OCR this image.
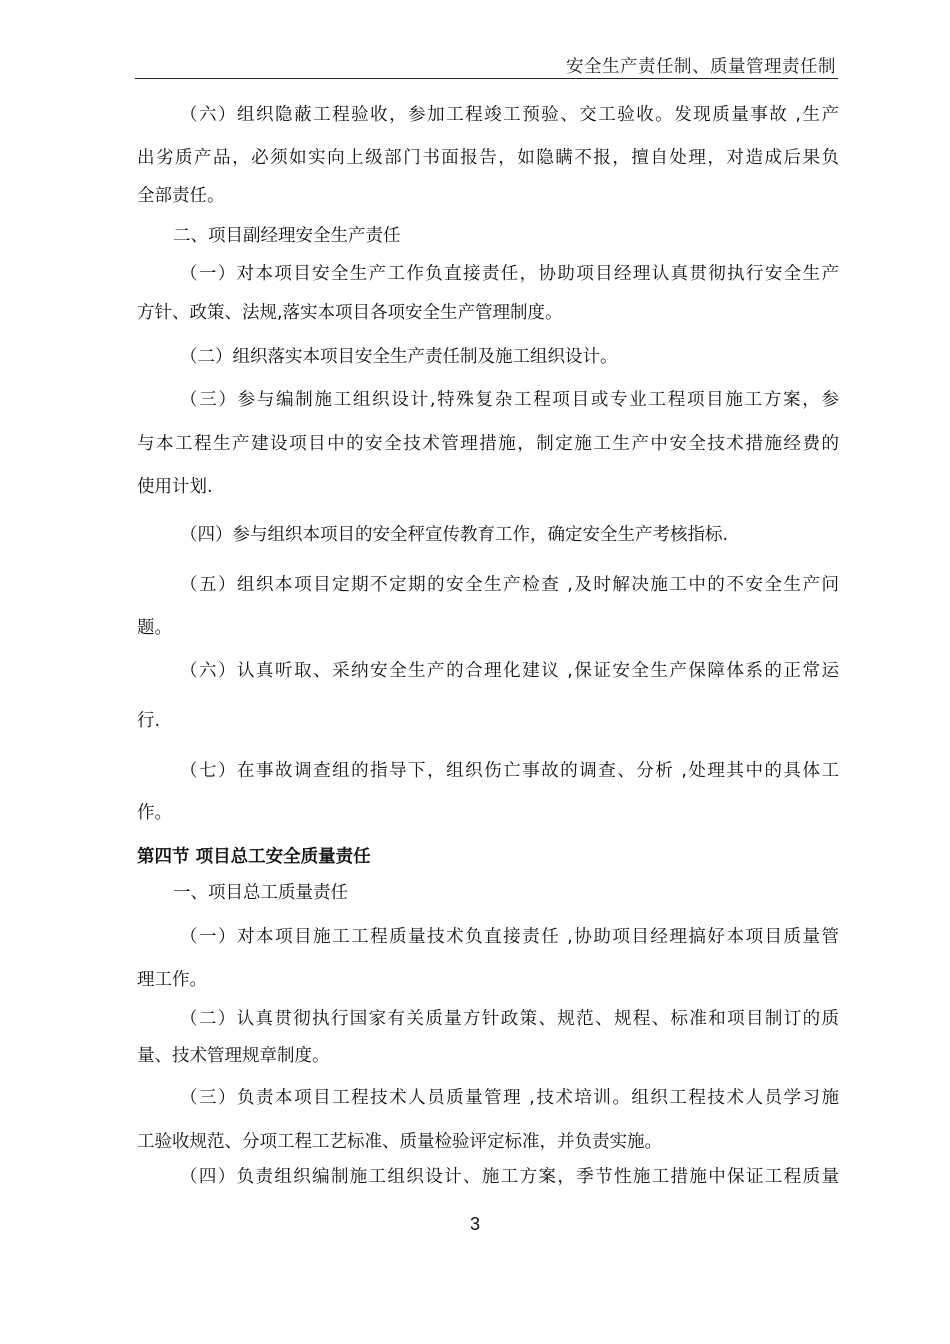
安全生产责任制、质量管理责任制
（六）组织隐蔽工程验收，参加工程竣工预验、交工验收。发现质量事故 ,生产
出劣质产品，必须如实向上级部门书面报告，如隐瞒不报，擅自处理，对造成后果负
全部责任。
二、项目副经理安全生产责任
（一）对本项目安全生产工作负直接责任，协助项目经理认真贯彻执行安全生产
方针、政策、法规,落实本项目各项安全生产管理制度。
（二）组织落实本项目安全生产责任制及施工组织设计。
（三）参与编制施工组织设计,特殊复杂工程项目或专业工程项目施工方案，参
与本工程生产建设项目中的安全技术管理措施，制定施工生产中安全技术措施经费的
使用计划.
（四）参与组织本项目的安全秤宣传教育工作，确定安全生产考核指标.
（五）组织本项目定期不定期的安全生产检查 ,及时解决施工中的不安全生产问
题。
（六）认真听取、采纳安全生产的合理化建议 ,保证安全生产保障体系的正常运
行.
（七）在事故调查组的指导下，组织伤亡事故的调查、分析 ,处理其中的具体工
作。
第四节 项目总工安全质量责任
一、项目总工质量责任
（一）对本项目施工工程质量技术负直接责任 ,协助项目经理搞好本项目质量管
理工作。
（二）认真贯彻执行国家有关质量方针政策、规范、规程、标准和项目制订的质
量、技术管理规章制度。
（三）负责本项目工程技术人员质量管理 ,技术培训。组织工程技术人员学习施
工验收规范、分项工程工艺标准、质量检验评定标准，并负责实施。
（四）负责组织编制施工组织设计、施工方案，季节性施工措施中保证工程质量
3
